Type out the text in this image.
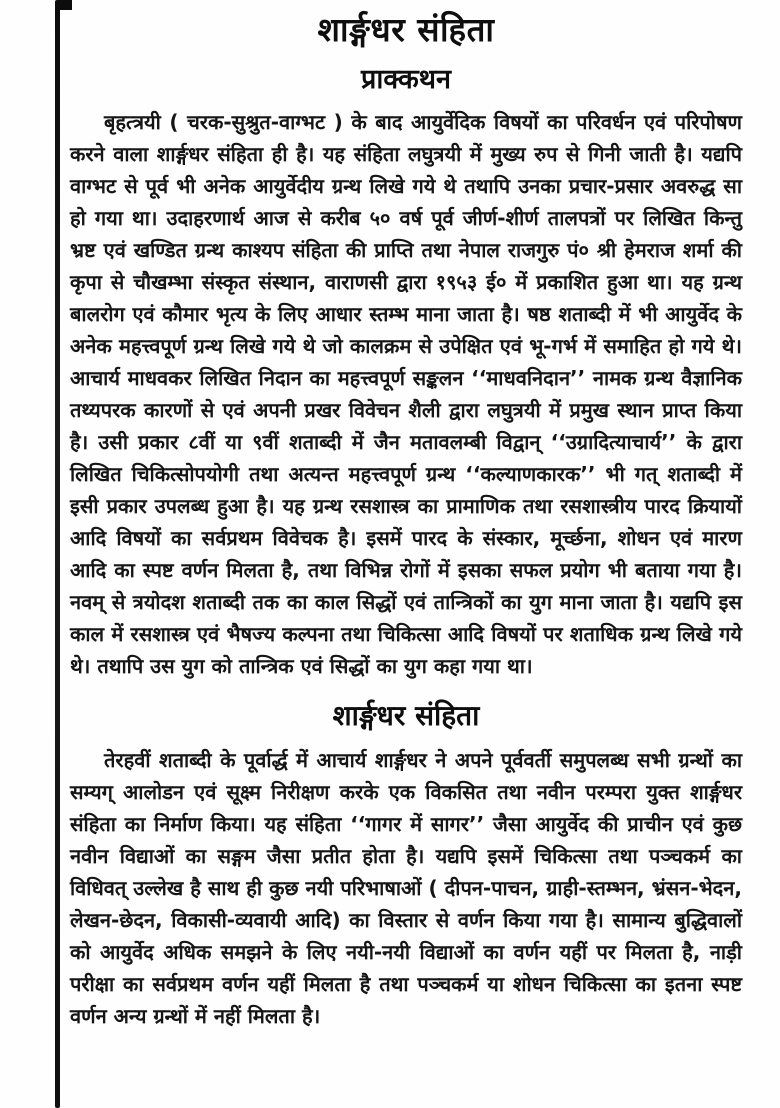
शार्ङ्गधर संहिता
प्राक्कथन

बृहत्त्रयी ( चरक-सुश्रुत-वाग्भट ) के बाद आयुर्वेदिक विषयों का परिवर्धन एवं परिपोषण करने वाला शार्ङ्गधर संहिता ही है। यह संहिता लघुत्रयी में मुख्य रुप से गिनी जाती है। यद्यपि वाग्भट से पूर्व भी अनेक आयुर्वेदीय ग्रन्थ लिखे गये थे तथापि उनका प्रचार-प्रसार अवरुद्ध सा हो गया था। उदाहरणार्थ आज से करीब ५० वर्ष पूर्व जीर्ण-शीर्ण तालपत्रों पर लिखित किन्तु भ्रष्ट एवं खण्डित ग्रन्थ काश्यप संहिता की प्राप्ति तथा नेपाल राजगुरु पं० श्री हेमराज शर्मा की कृपा से चौखम्भा संस्कृत संस्थान, वाराणसी द्वारा १९५३ ई० में प्रकाशित हुआ था। यह ग्रन्थ बालरोग एवं कौमार भृत्य के लिए आधार स्तम्भ माना जाता है। षष्ठ शताब्दी में भी आयुर्वेद के अनेक महत्त्वपूर्ण ग्रन्थ लिखे गये थे जो कालक्रम से उपेक्षित एवं भू-गर्भ में समाहित हो गये थे। आचार्य माधवकर लिखित निदान का महत्त्वपूर्ण सङ्कलन ‘‘माधवनिदान’’ नामक ग्रन्थ वैज्ञानिक तथ्यपरक कारणों से एवं अपनी प्रखर विवेचन शैली द्वारा लघुत्रयी में प्रमुख स्थान प्राप्त किया है। उसी प्रकार ८वीं या ९वीं शताब्दी में जैन मतावलम्बी विद्वान् ‘‘उग्रादित्याचार्य’’ के द्वारा लिखित चिकित्सोपयोगी तथा अत्यन्त महत्त्वपूर्ण ग्रन्थ ‘‘कल्याणकारक’’ भी गत् शताब्दी में इसी प्रकार उपलब्ध हुआ है। यह ग्रन्थ रसशास्त्र का प्रामाणिक तथा रसशास्त्रीय पारद क्रियायों आदि विषयों का सर्वप्रथम विवेचक है। इसमें पारद के संस्कार, मूर्च्छना, शोधन एवं मारण आदि का स्पष्ट वर्णन मिलता है, तथा विभिन्न रोगों में इसका सफल प्रयोग भी बताया गया है। नवम् से त्रयोदश शताब्दी तक का काल सिद्धों एवं तान्त्रिकों का युग माना जाता है। यद्यपि इस काल में रसशास्त्र एवं भैषज्य कल्पना तथा चिकित्सा आदि विषयों पर शताधिक ग्रन्थ लिखे गये थे। तथापि उस युग को तान्त्रिक एवं सिद्धों का युग कहा गया था।

शार्ङ्गधर संहिता

तेरहवीं शताब्दी के पूर्वार्द्ध में आचार्य शार्ङ्गधर ने अपने पूर्ववर्ती समुपलब्ध सभी ग्रन्थों का सम्यग् आलोडन एवं सूक्ष्म निरीक्षण करके एक विकसित तथा नवीन परम्परा युक्त शार्ङ्गधर संहिता का निर्माण किया। यह संहिता ‘‘गागर में सागर’’ जैसा आयुर्वेद की प्राचीन एवं कुछ नवीन विद्याओं का सङ्गम जैसा प्रतीत होता है। यद्यपि इसमें चिकित्सा तथा पञ्चकर्म का विधिवत् उल्लेख है साथ ही कुछ नयी परिभाषाओं ( दीपन-पाचन, ग्राही-स्तम्भन, भ्रंसन-भेदन, लेखन-छेदन, विकासी-व्यवायी आदि) का विस्तार से वर्णन किया गया है। सामान्य बुद्धिवालों को आयुर्वेद अधिक समझने के लिए नयी-नयी विद्याओं का वर्णन यहीं पर मिलता है, नाड़ी परीक्षा का सर्वप्रथम वर्णन यहीं मिलता है तथा पञ्चकर्म या शोधन चिकित्सा का इतना स्पष्ट वर्णन अन्य ग्रन्थों में नहीं मिलता है।
